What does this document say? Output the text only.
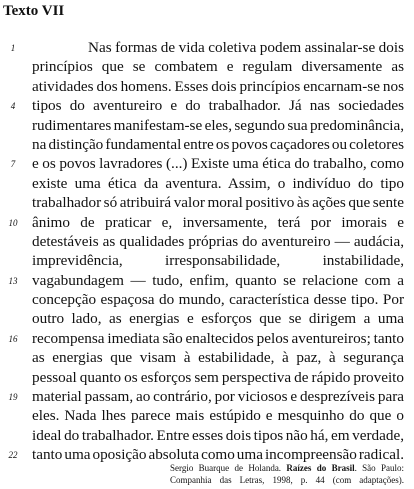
Texto VII
1	Nas formas de vida coletiva podem assinalar-se dois
princípios que se combatem e regulam diversamente as
atividades dos homens. Esses dois princípios encarnam-se nos
4	tipos do aventureiro e do trabalhador. Já nas sociedades
rudimentares manifestam-se eles, segundo sua predominância,
na distinção fundamental entre os povos caçadores ou coletores
7	e os povos lavradores (...) Existe uma ética do trabalho, como
existe uma ética da aventura. Assim, o indivíduo do tipo
trabalhador só atribuirá valor moral positivo às ações que sente
10 ânimo de praticar e, inversamente, terá por imorais e
detestáveis as qualidades próprias do aventureiro — audácia,
imprevidência, irresponsabilidade, instabilidade,
13 vagabundagem — tudo, enfim, quanto se relacione com a
concepção espaçosa do mundo, característica desse tipo. Por
outro lado, as energias e esforços que se dirigem a uma
16 recompensa imediata são enaltecidos pelos aventureiros; tanto
as energias que visam à estabilidade, à paz, à segurança
pessoal quanto os esforços sem perspectiva de rápido proveito
19 material passam, ao contrário, por viciosos e desprezíveis para
eles. Nada lhes parece mais estúpido e mesquinho do que o
ideal do trabalhador. Entre esses dois tipos não há, em verdade,
22 tanto uma oposição absoluta como uma incompreensão radical.
Sergio Buarque de Holanda. Raízes do Brasil. São Paulo:
Companhia das Letras, 1998, p. 44 (com adaptações).
